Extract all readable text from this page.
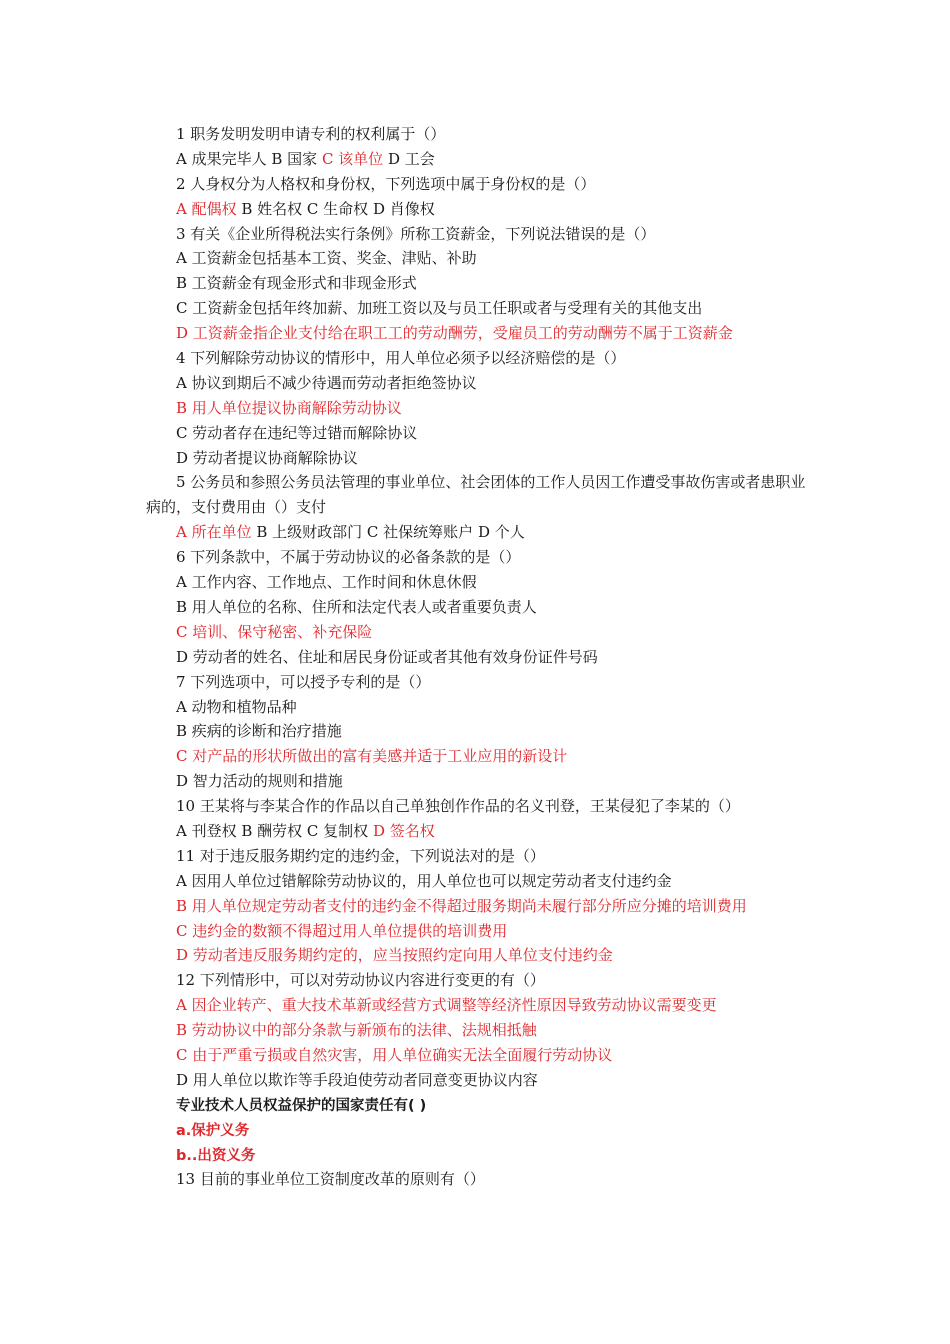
1 职务发明发明申请专利的权利属于（）
A 成果完毕人 B 国家 C 该单位 D 工会
2 人身权分为人格权和身份权，下列选项中属于身份权的是（）
A 配偶权 B 姓名权 C 生命权 D 肖像权
3 有关《企业所得税法实行条例》所称工资薪金，下列说法错误的是（）
A 工资薪金包括基本工资、奖金、津贴、补助
B 工资薪金有现金形式和非现金形式
C 工资薪金包括年终加薪、加班工资以及与员工任职或者与受理有关的其他支出
D 工资薪金指企业支付给在职工工的劳动酬劳，受雇员工的劳动酬劳不属于工资薪金
4 下列解除劳动协议的情形中，用人单位必须予以经济赔偿的是（）
A 协议到期后不减少待遇而劳动者拒绝签协议
B 用人单位提议协商解除劳动协议
C 劳动者存在违纪等过错而解除协议
D 劳动者提议协商解除协议
5 公务员和参照公务员法管理的事业单位、社会团体的工作人员因工作遭受事故伤害或者患职业病的，支付费用由（）支付
A 所在单位 B 上级财政部门 C 社保统筹账户 D 个人
6 下列条款中，不属于劳动协议的必备条款的是（）
A 工作内容、工作地点、工作时间和休息休假
B 用人单位的名称、住所和法定代表人或者重要负责人
C 培训、保守秘密、补充保险
D 劳动者的姓名、住址和居民身份证或者其他有效身份证件号码
7 下列选项中，可以授予专利的是（）
A 动物和植物品种
B 疾病的诊断和治疗措施
C 对产品的形状所做出的富有美感并适于工业应用的新设计
D 智力活动的规则和措施
10 王某将与李某合作的作品以自己单独创作作品的名义刊登，王某侵犯了李某的（）
A 刊登权 B 酬劳权 C 复制权 D 签名权
11 对于违反服务期约定的违约金，下列说法对的是（）
A 因用人单位过错解除劳动协议的，用人单位也可以规定劳动者支付违约金
B 用人单位规定劳动者支付的违约金不得超过服务期尚未履行部分所应分摊的培训费用
C 违约金的数额不得超过用人单位提供的培训费用
D 劳动者违反服务期约定的，应当按照约定向用人单位支付违约金
12 下列情形中，可以对劳动协议内容进行变更的有（）
A 因企业转产、重大技术革新或经营方式调整等经济性原因导致劳动协议需要变更
B 劳动协议中的部分条款与新颁布的法律、法规相抵触
C 由于严重亏损或自然灾害，用人单位确实无法全面履行劳动协议
D 用人单位以欺诈等手段迫使劳动者同意变更协议内容
专业技术人员权益保护的国家责任有( )
a.保护义务
b..出资义务
13 目前的事业单位工资制度改革的原则有（）
